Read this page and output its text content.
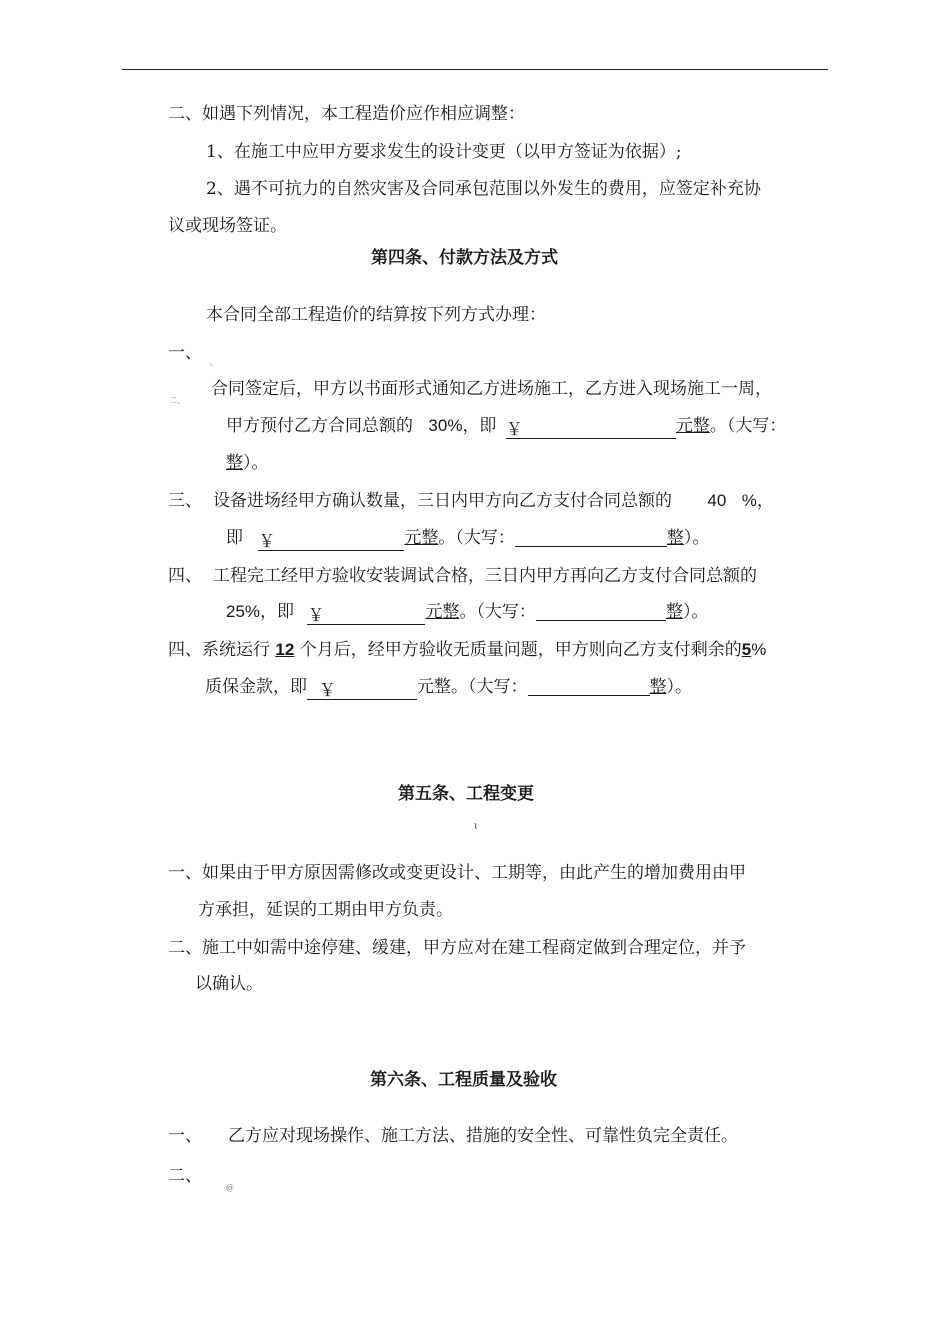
二、如遇下列情况，本工程造价应作相应调整：
1、在施工中应甲方要求发生的设计变更（以甲方签证为依据）;
2、遇不可抗力的自然灾害及合同承包范围以外发生的费用，应签定补充协
议或现场签证。
第四条、付款方法及方式
本合同全部工程造价的结算按下列方式办理：
一、 。
二、
合同签定后，甲方以书面形式通知乙方进场施工，乙方进入现场施工一周，
甲方预付乙方合同总额的 30%，即 ￥	元整。（大写：
整）。
三、 设备进场经甲方确认数量，三日内甲方向乙方支付合同总额的 40 %，
即 ￥	元整。（大写：	整）。
四、 工程完工经甲方验收安装调试合格，三日内甲方再向乙方支付合同总额的
25%，即 ￥	元整。（大写：	整）。
四、系统运行 12 个月后，经甲方验收无质量问题，甲方则向乙方支付剩余的5%
质保金款，即 ￥	元整。（大写：	整）。
第五条、工程变更
ɩ
一、如果由于甲方原因需修改或变更设计、工期等，由此产生的增加费用由甲
方承担，延误的工期由甲方负责。
二、施工中如需中途停建、缓建，甲方应对在建工程商定做到合理定位，并予
以确认。
第六条、工程质量及验收
一、 乙方应对现场操作、施工方法、措施的安全性、可靠性负完全责任。
二、
@
